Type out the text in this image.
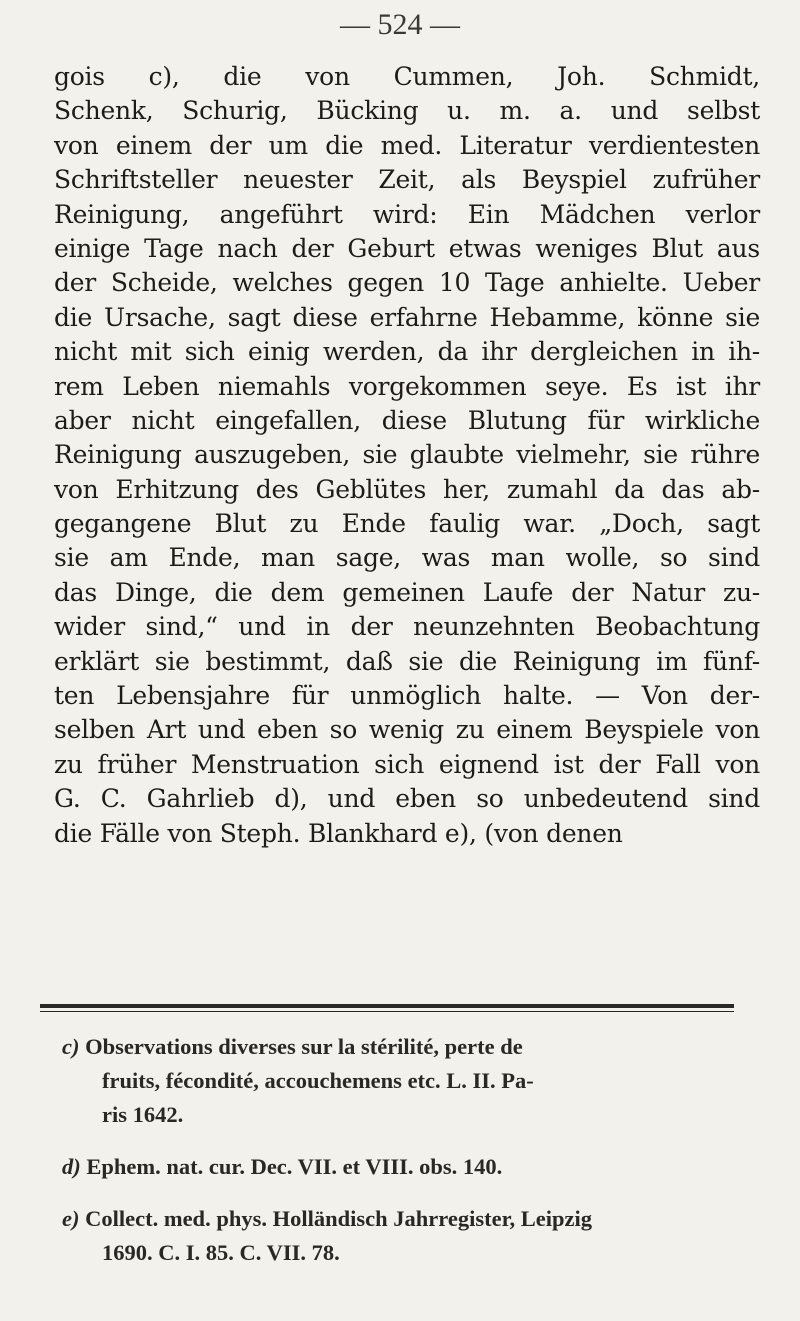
— 524 —
gois c), die von Cummen, Joh. Schmidt,
Schenk, Schurig, Bücking u. m. a. und selbst
von einem der um die med. Literatur verdientesten
Schriftsteller neuester Zeit, als Beyspiel zufrüher
Reinigung, angeführt wird: Ein Mädchen verlor
einige Tage nach der Geburt etwas weniges Blut aus
der Scheide, welches gegen 10 Tage anhielte. Ueber
die Ursache, sagt diese erfahrne Hebamme, könne sie
nicht mit sich einig werden, da ihr dergleichen in ih-
rem Leben niemahls vorgekommen seye. Es ist ihr
aber nicht eingefallen, diese Blutung für wirkliche
Reinigung auszugeben, sie glaubte vielmehr, sie rühre
von Erhitzung des Geblütes her, zumahl da das ab-
gegangene Blut zu Ende faulig war. „Doch, sagt
sie am Ende, man sage, was man wolle, so sind
das Dinge, die dem gemeinen Laufe der Natur zu-
wider sind,“ und in der neunzehnten Beobachtung
erklärt sie bestimmt, daß sie die Reinigung im fünf-
ten Lebensjahre für unmöglich halte. — Von der-
selben Art und eben so wenig zu einem Beyspiele von
zu früher Menstruation sich eignend ist der Fall von
G. C. Gahrlieb d), und eben so unbedeutend sind
die Fälle von Steph. Blankhard e), (von denen
c) Observations diverses sur la stérilité, perte de
fruits, fécondité, accouchemens etc. L. II. Pa-
ris 1642.
d) Ephem. nat. cur. Dec. VII. et VIII. obs. 140.
e) Collect. med. phys. Holländisch Jahrregister, Leipzig
1690. C. I. 85. C. VII. 78.
